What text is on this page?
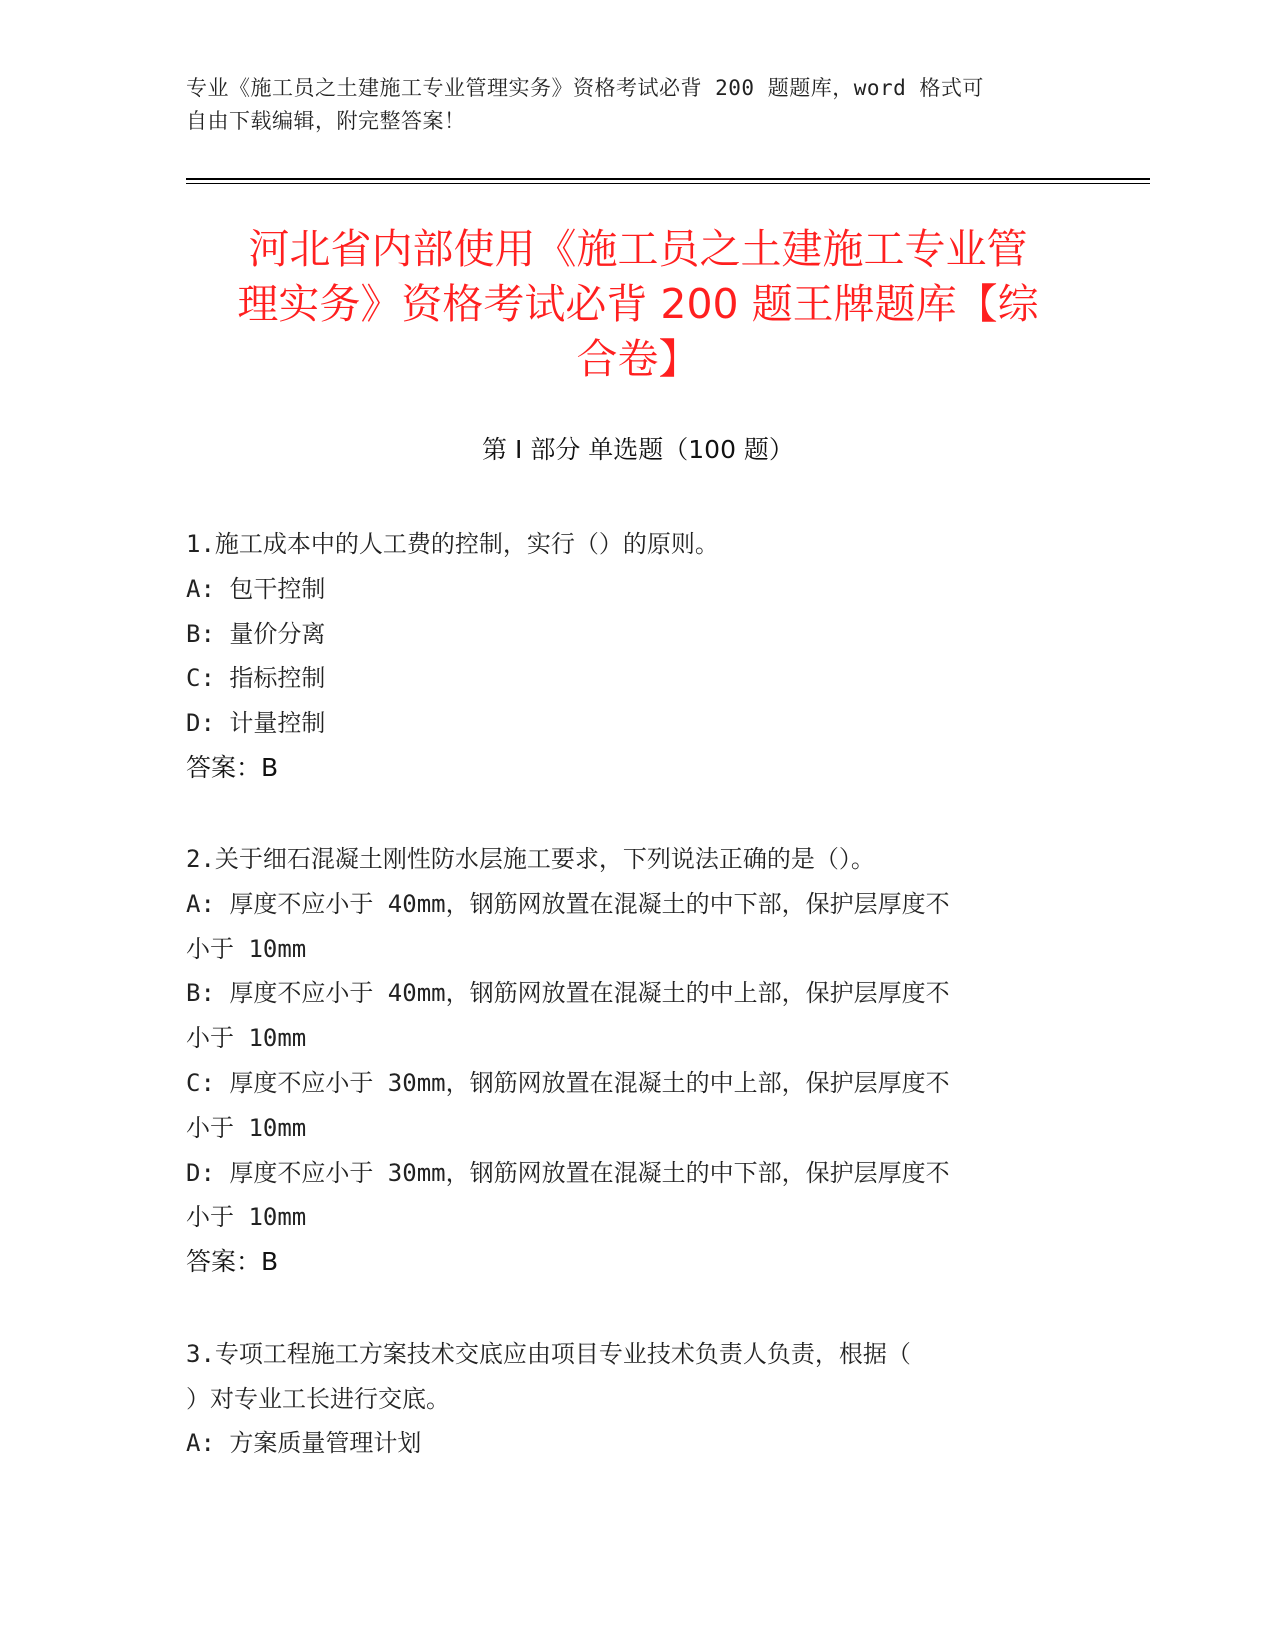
专业《施工员之土建施工专业管理实务》资格考试必背 200 题题库，word 格式可
自由下载编辑，附完整答案！
河北省内部使用《施工员之土建施工专业管
理实务》资格考试必背 200 题王牌题库【综
合卷】
第 I 部分 单选题（100 题）
1.施工成本中的人工费的控制，实行（）的原则。
A: 包干控制
B: 量价分离
C: 指标控制
D: 计量控制
答案：B
2.关于细石混凝土刚性防水层施工要求，下列说法正确的是（）。
A: 厚度不应小于 40mm，钢筋网放置在混凝土的中下部，保护层厚度不
小于 10mm
B: 厚度不应小于 40mm，钢筋网放置在混凝土的中上部，保护层厚度不
小于 10mm
C: 厚度不应小于 30mm，钢筋网放置在混凝土的中上部，保护层厚度不
小于 10mm
D: 厚度不应小于 30mm，钢筋网放置在混凝土的中下部，保护层厚度不
小于 10mm
答案：B
3.专项工程施工方案技术交底应由项目专业技术负责人负责，根据（
）对专业工长进行交底。
A: 方案质量管理计划
